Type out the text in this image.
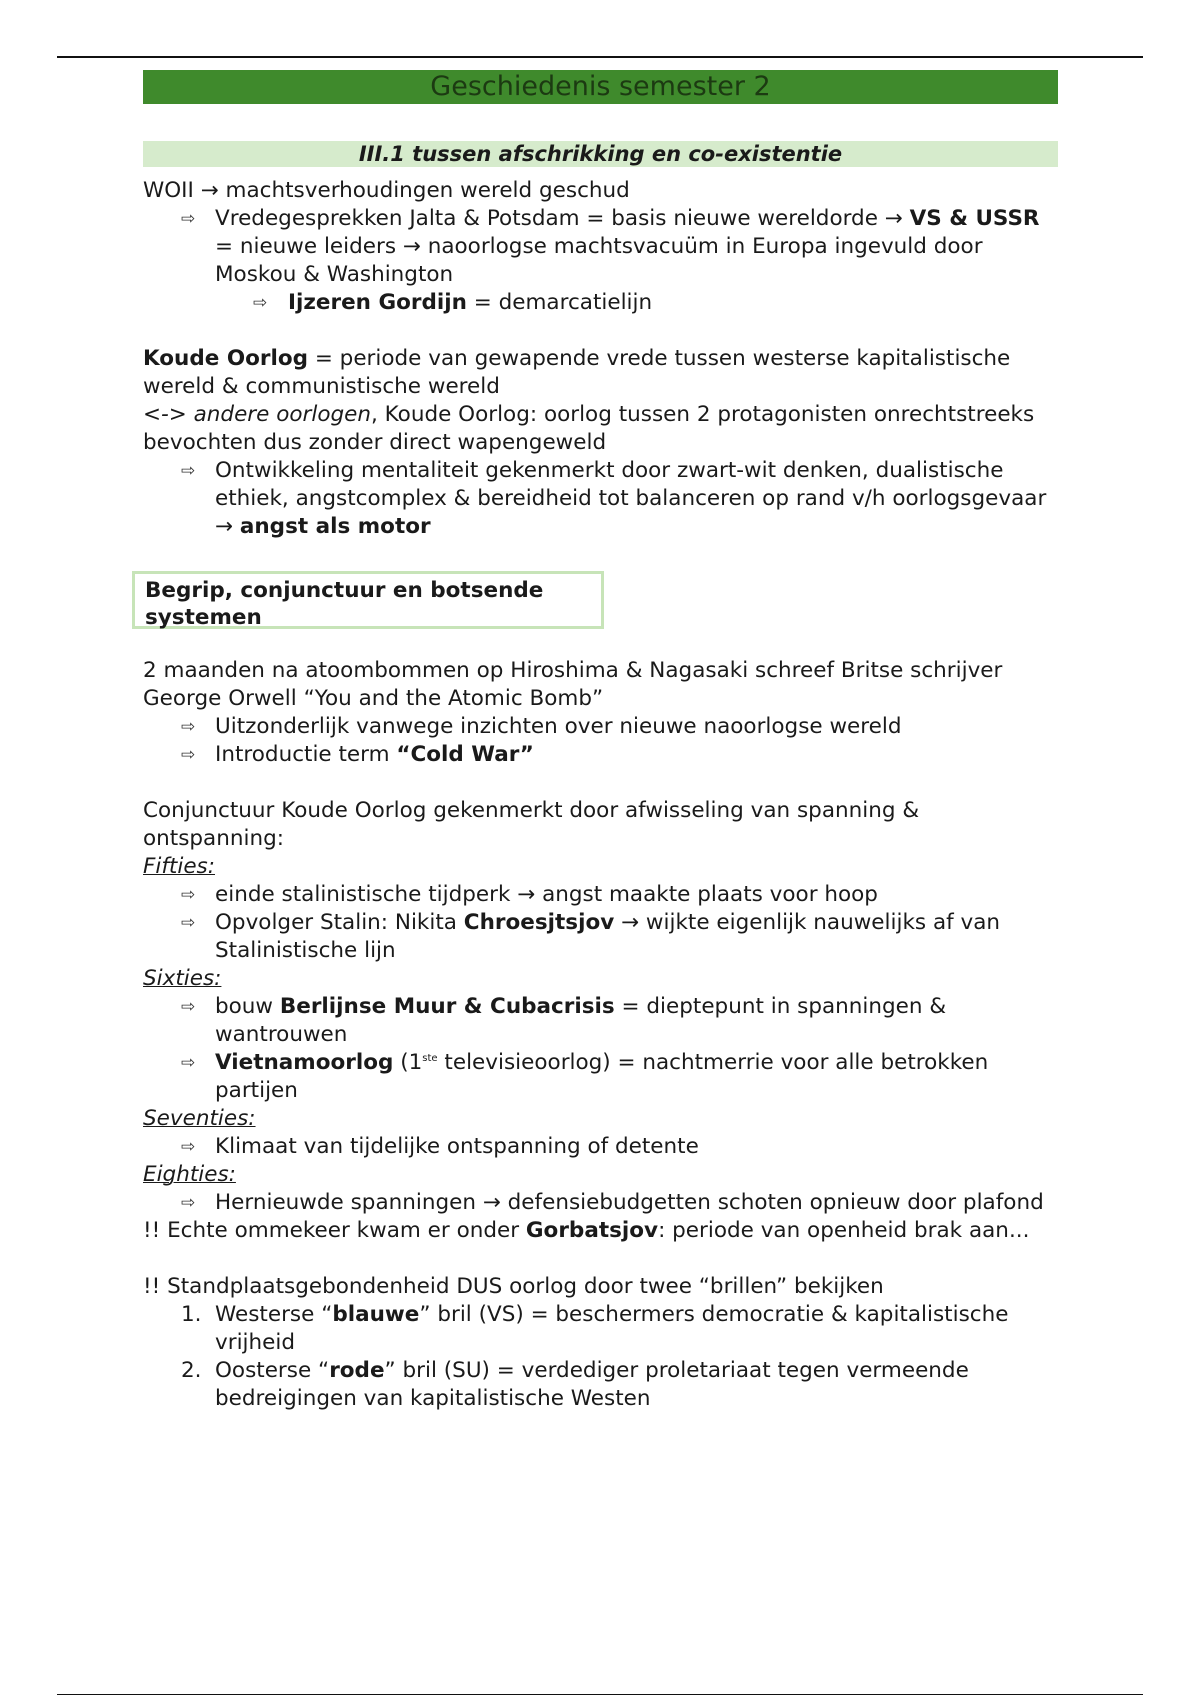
Geschiedenis semester 2
III.1 tussen afschrikking en co-existentie

WOII → machtsverhoudingen wereld geschud

⇨ Vredegesprekken Jalta & Potsdam = basis nieuwe wereldorde → VS & USSR = nieuwe leiders → naoorlogse machtsvacuüm in Europa ingevuld door Moskou & Washington

⇨ Ijzeren Gordijn = demarcatielijn

Koude Oorlog = periode van gewapende vrede tussen westerse kapitalistische wereld & communistische wereld

<-> andere oorlogen, Koude Oorlog: oorlog tussen 2 protagonisten onrechtstreeks bevochten dus zonder direct wapengeweld

⇨ Ontwikkeling mentaliteit gekenmerkt door zwart-wit denken, dualistische ethiek, angstcomplex & bereidheid tot balanceren op rand v/h oorlogsgevaar → angst als motor

Begrip, conjunctuur en botsende systemen

2 maanden na atoombommen op Hiroshima & Nagasaki schreef Britse schrijver George Orwell “You and the Atomic Bomb”

⇨ Uitzonderlijk vanwege inzichten over nieuwe naoorlogse wereld

⇨ Introductie term “Cold War”

Conjunctuur Koude Oorlog gekenmerkt door afwisseling van spanning & ontspanning:

Fifties:

⇨ einde stalinistische tijdperk → angst maakte plaats voor hoop

⇨ Opvolger Stalin: Nikita Chroesjtsjov → wijkte eigenlijk nauwelijks af van Stalinistische lijn

Sixties:

⇨ bouw Berlijnse Muur & Cubacrisis = dieptepunt in spanningen & wantrouwen

⇨ Vietnamoorlog (1ste televisieoorlog) = nachtmerrie voor alle betrokken partijen

Seventies:

⇨ Klimaat van tijdelijke ontspanning of detente

Eighties:

⇨ Hernieuwde spanningen → defensiebudgetten schoten opnieuw door plafond

!! Echte ommekeer kwam er onder Gorbatsjov: periode van openheid brak aan...

!! Standplaatsgebondenheid DUS oorlog door twee “brillen” bekijken

1. Westerse “blauwe” bril (VS) = beschermers democratie & kapitalistische vrijheid

2. Oosterse “rode” bril (SU) = verdediger proletariaat tegen vermeende bedreigingen van kapitalistische Westen
